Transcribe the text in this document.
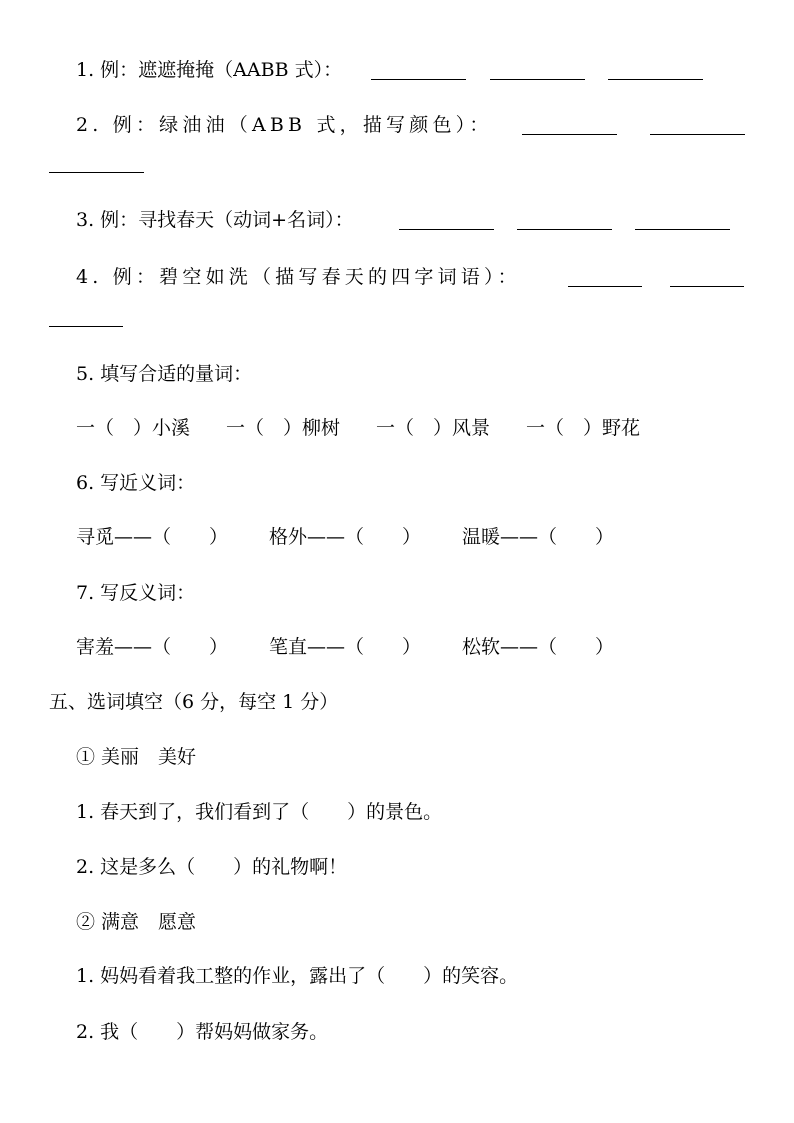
1. 例：遮遮掩掩（AABB 式）：
2. 例：绿油油（ABB 式，描写颜色）：
3. 例：寻找春天（动词+名词）：
4. 例：碧空如洗（描写春天的四字词语）：
5. 填写合适的量词：
一（　）小溪 一（　）柳树 一（　）风景 一（　）野花
6. 写近义词：
寻觅——（　　） 格外——（　　） 温暖——（　　）
7. 写反义词：
害羞——（　　） 笔直——（　　） 松软——（　　）
五、选词填空（6 分，每空 1 分）
① 美丽　美好
1. 春天到了，我们看到了（　　）的景色。
2. 这是多么（　　）的礼物啊！
② 满意　愿意
1. 妈妈看着我工整的作业，露出了（　　）的笑容。
2. 我（　　）帮妈妈做家务。
